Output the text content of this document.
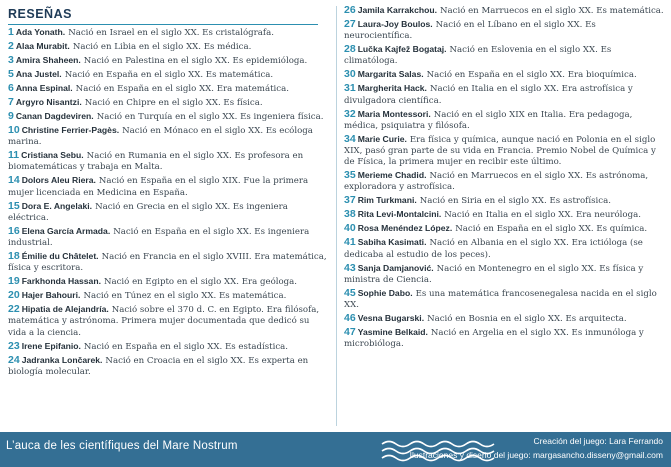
RESEÑAS
1 Ada Yonath. Nació en Israel en el siglo XX. Es cristalógrafa.
2 Alaa Murabit. Nació en Libia en el siglo XX. Es médica.
3 Amira Shaheen. Nació en Palestina en el siglo XX. Es epidemióloga.
5 Ana Justel. Nació en España en el siglo XX. Es matemática.
6 Anna Espinal. Nació en España en el siglo XX. Era matemática.
7 Argyro Nisantzi. Nació en Chipre en el siglo XX. Es física.
9 Canan Dagdeviren. Nació en Turquía en el siglo XX. Es ingeniera física.
10 Christine Ferrier-Pagès. Nació en Mónaco en el siglo XX. Es ecóloga marina.
11 Cristiana Sebu. Nació en Rumania en el siglo XX. Es profesora en biomatemáticas y trabaja en Malta.
14 Dolors Aleu Riera. Nació en España en el siglo XIX. Fue la primera mujer licenciada en Medicina en España.
15 Dora E. Angelaki. Nació en Grecia en el siglo XX. Es ingeniera eléctrica.
16 Elena García Armada. Nació en España en el siglo XX. Es ingeniera industrial.
18 Émilie du Châtelet. Nació en Francia en el siglo XVIII. Era matemática, física y escritora.
19 Farkhonda Hassan. Nació en Egipto en el siglo XX. Era geóloga.
20 Hajer Bahouri. Nació en Túnez en el siglo XX. Es matemática.
22 Hipatia de Alejandría. Nació sobre el 370 d. C. en Egipto. Era filósofa, matemática y astrónoma. Primera mujer documentada que dedicó su vida a la ciencia.
23 Irene Epifanio. Nació en España en el siglo XX. Es estadística.
24 Jadranka Lončarek. Nació en Croacia en el siglo XX. Es experta en biología molecular.
26 Jamila Karrakchou. Nació en Marruecos en el siglo XX. Es matemática.
27 Laura-Joy Boulos. Nació en el Líbano en el siglo XX. Es neurocientífica.
28 Lučka Kajfež Bogataj. Nació en Eslovenia en el siglo XX. Es climatóloga.
30 Margarita Salas. Nació en España en el siglo XX. Era bioquímica.
31 Margherita Hack. Nació en Italia en el siglo XX. Era astrofísica y divulgadora científica.
32 Maria Montessori. Nació en el siglo XIX en Italia. Era pedagoga, médica, psiquiatra y filósofa.
34 Marie Curie. Era física y química, aunque nació en Polonia en el siglo XIX, pasó gran parte de su vida en Francia. Premio Nobel de Química y de Física, la primera mujer en recibir este último.
35 Merieme Chadid. Nació en Marruecos en el siglo XX. Es astrónoma, exploradora y astrofísica.
37 Rim Turkmani. Nació en Siria en el siglo XX. Es astrofísica.
38 Rita Levi-Montalcini. Nació en Italia en el siglo XX. Era neuróloga.
40 Rosa Menéndez López. Nació en España en el siglo XX. Es química.
41 Sabiha Kasimati. Nació en Albania en el siglo XX. Era ictióloga (se dedicaba al estudio de los peces).
43 Sanja Damjanović. Nació en Montenegro en el siglo XX. Es física y ministra de Ciencia.
45 Sophie Dabo. Es una matemática francosenegalesa nacida en el siglo XX.
46 Vesna Bugarski. Nació en Bosnia en el siglo XX. Es arquitecta.
47 Yasmine Belkaid. Nació en Argelia en el siglo XX. Es inmunóloga y microbióloga.
L’auca de les científiques del Mare Nostrum	Creación del juego: Lara Ferrando
Ilustraciones y diseño del juego: margasancho.disseny@gmail.com
